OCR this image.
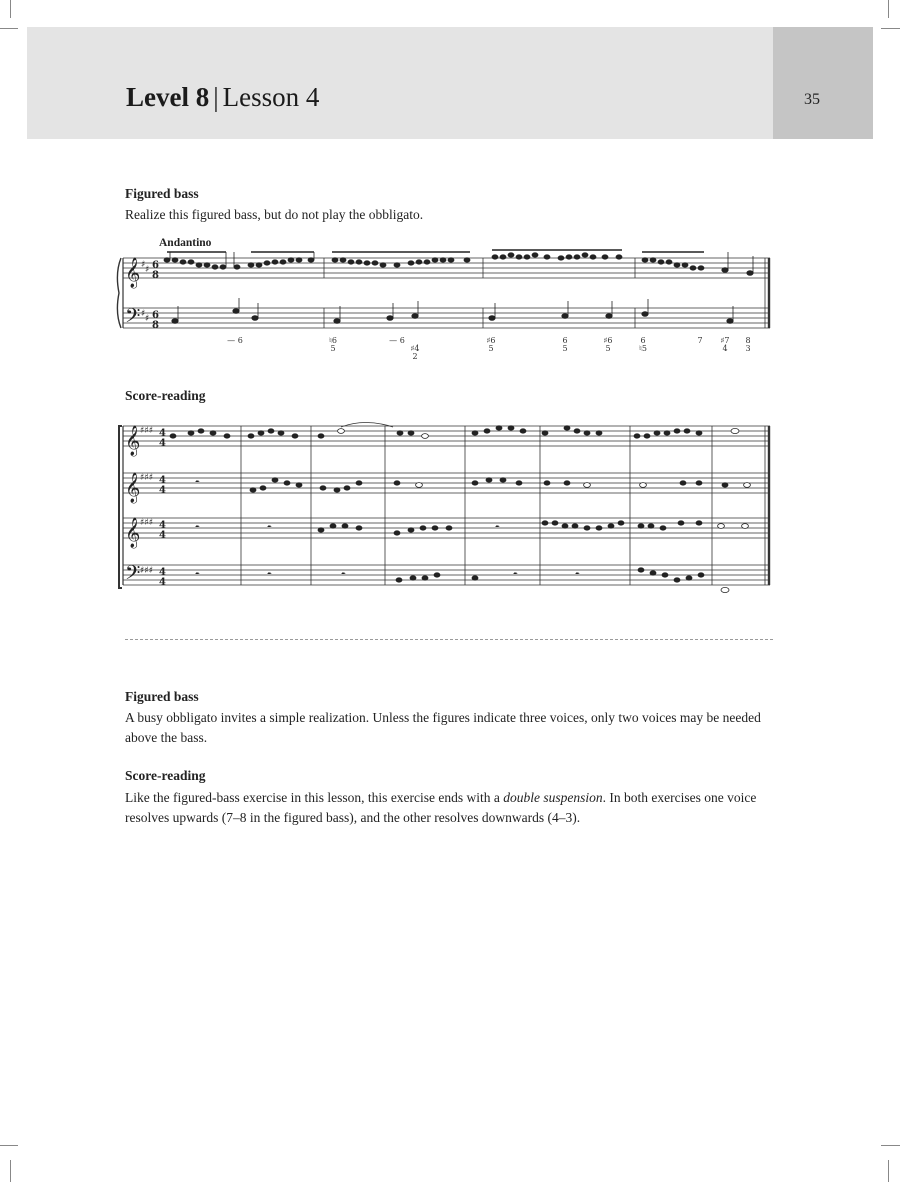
Level 8 | Lesson 4	35
Figured bass
Realize this figured bass, but do not play the obbligato.
Andantino
𝄞
𝄢
♯ ♯
♯ ♯
6
8
6
8
— 6	♮6
5
— 6
♯4
2
♯6
5
6
5
♯6
5
6
♮5
7 ♯7
4
8
3
Score-reading
𝄞
𝄞
𝄞
𝄢
♯♯♯
♯♯♯
♯♯♯
♯♯♯
4
4
4
4
4
4
4
4
𝄼
𝄼
𝄼
𝄼	𝄼	𝄼
𝄼
𝄼	𝄼
Figured bass
A busy obbligato invites a simple realization. Unless the figures indicate three voices, only two voices may be needed above the bass.
Score-reading
Like the figured-bass exercise in this lesson, this exercise ends with a double suspension. In both exercises one voice resolves upwards (7–8 in the figured bass), and the other resolves downwards (4–3).
